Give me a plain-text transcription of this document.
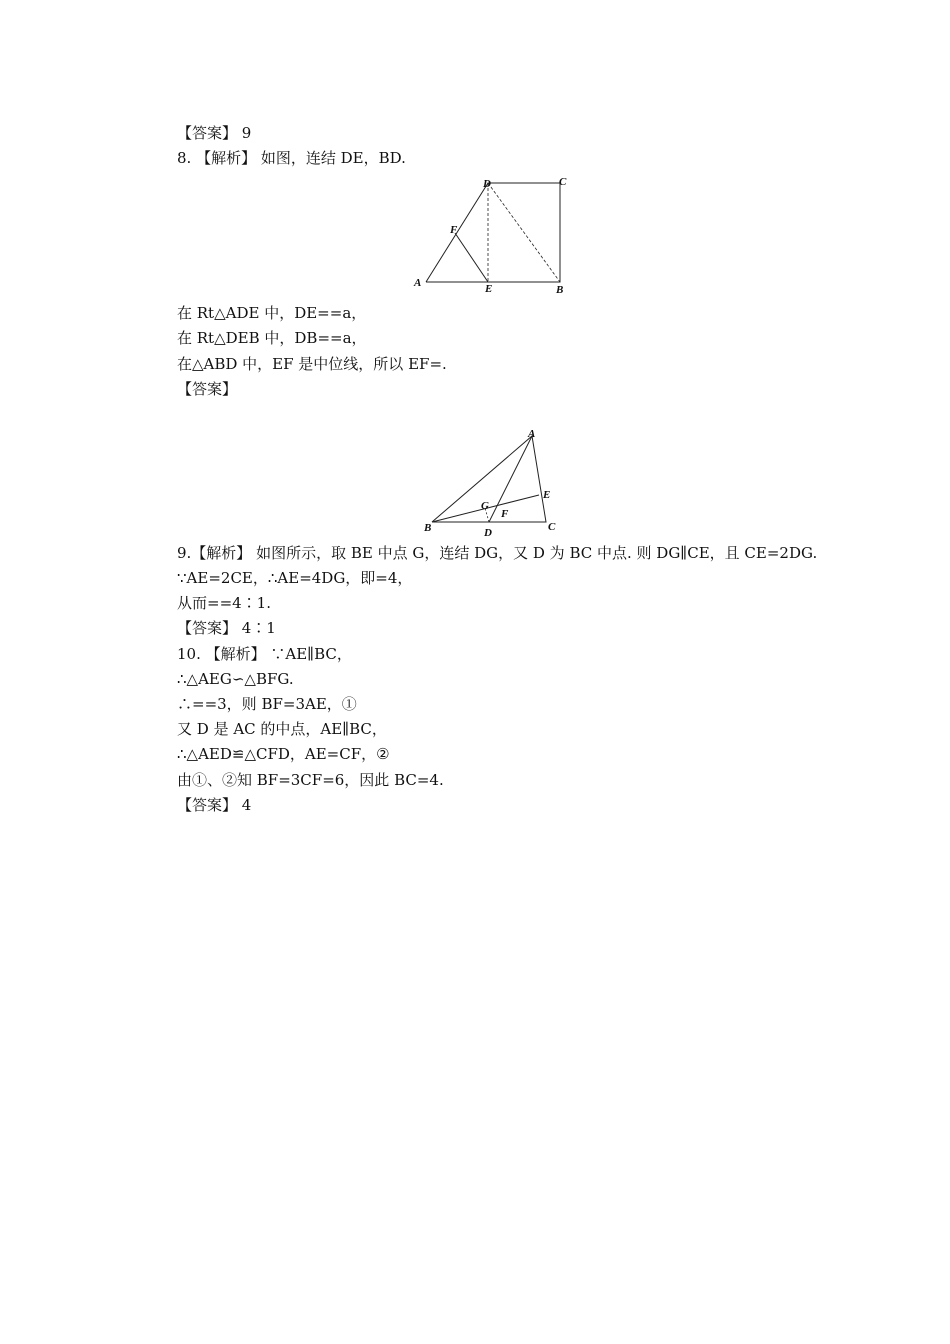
【答案】 9
8. 【解析】 如图，连结 DE，BD.
A
B
C
D
E
F
在 Rt△ADE 中，DE==a，
在 Rt△DEB 中，DB==a，
在△ABD 中，EF 是中位线，所以 EF=.
【答案】
A
B	C
D
E
F
G
9.【解析】 如图所示，取 BE 中点 G，连结 DG，又 D 为 BC 中点. 则 DG∥CE，且 CE=2DG.
∵AE=2CE，∴AE=4DG，即=4，
从而==4∶1.
【答案】 4∶1
10. 【解析】 ∵AE∥BC，
∴△AEG∽△BFG.
∴==3，则 BF=3AE，①
又 D 是 AC 的中点，AE∥BC，
∴△AED≌△CFD，AE=CF，②
由①、②知 BF=3CF=6，因此 BC=4.
【答案】 4
